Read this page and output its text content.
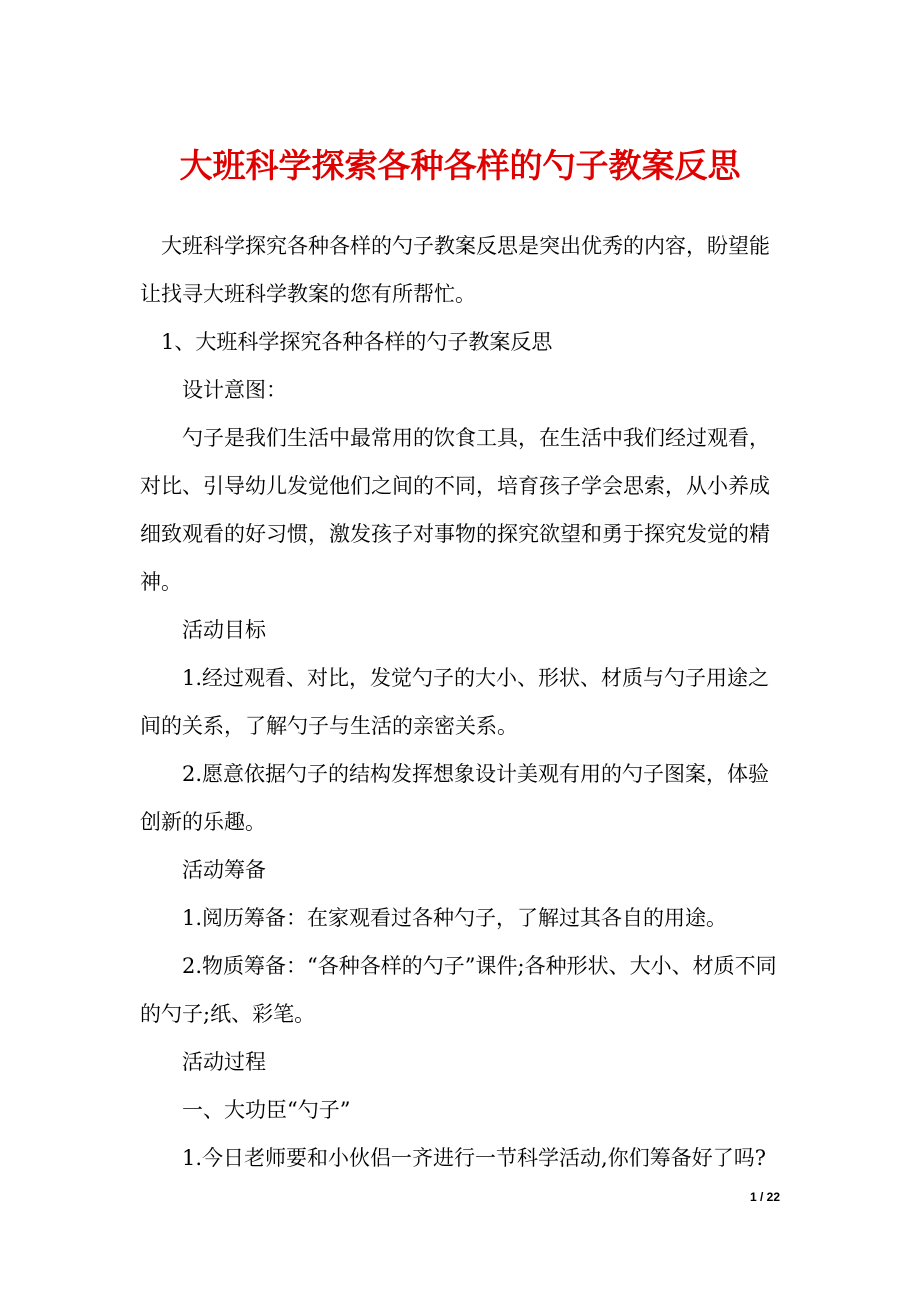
大班科学探索各种各样的勺子教案反思

大班科学探究各种各样的勺子教案反思是突出优秀的内容，盼望能让找寻大班科学教案的您有所帮忙。

1、大班科学探究各种各样的勺子教案反思

设计意图：

勺子是我们生活中最常用的饮食工具，在生活中我们经过观看，对比、引导幼儿发觉他们之间的不同，培育孩子学会思索，从小养成细致观看的好习惯，激发孩子对事物的探究欲望和勇于探究发觉的精神。

活动目标

1.经过观看、对比，发觉勺子的大小、形状、材质与勺子用途之间的关系，了解勺子与生活的亲密关系。

2.愿意依据勺子的结构发挥想象设计美观有用的勺子图案，体验创新的乐趣。

活动筹备

1.阅历筹备：在家观看过各种勺子，了解过其各自的用途。

2.物质筹备：“各种各样的勺子”课件;各种形状、大小、材质不同的勺子;纸、彩笔。

活动过程

一、大功臣“勺子”

1.今日老师要和小伙侣一齐进行一节科学活动,你们筹备好了吗?

1 / 22
